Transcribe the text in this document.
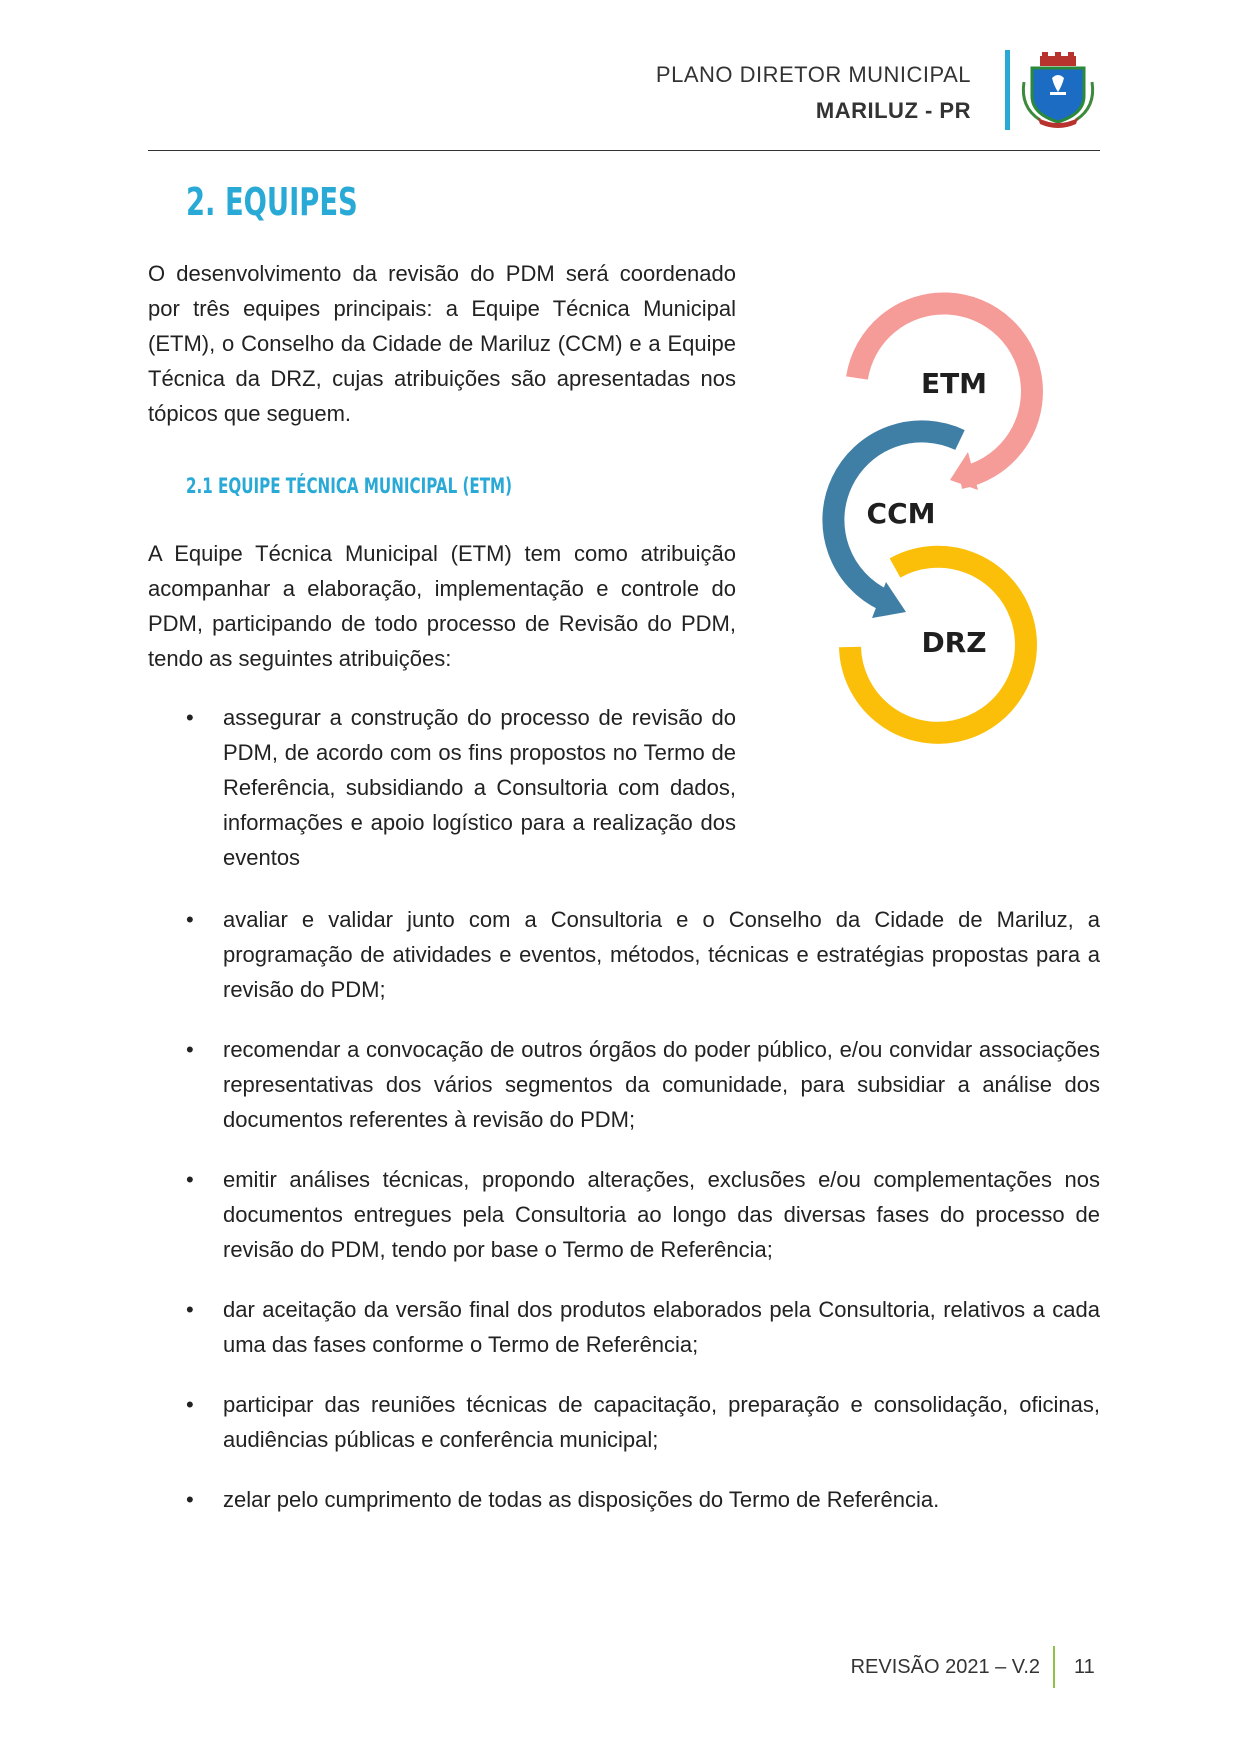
PLANO DIRETOR MUNICIPAL
MARILUZ - PR
2. EQUIPES
O desenvolvimento da revisão do PDM será coordenado por três equipes principais: a Equipe Técnica Municipal (ETM), o Conselho da Cidade de Mariluz (CCM) e a Equipe Técnica da DRZ, cujas atribuições são apresentadas nos tópicos que seguem.
2.1 EQUIPE TÉCNICA MUNICIPAL (ETM)
A Equipe Técnica Municipal (ETM) tem como atribuição acompanhar a elaboração, implementação e controle do PDM, participando de todo processo de Revisão do PDM, tendo as seguintes atribuições:
• assegurar a construção do processo de revisão do PDM, de acordo com os fins propostos no Termo de Referência, subsidiando a Consultoria com dados, informações e apoio logístico para a realização dos eventos
• avaliar e validar junto com a Consultoria e o Conselho da Cidade de Mariluz, a programação de atividades e eventos, métodos, técnicas e estratégias propostas para a revisão do PDM;
• recomendar a convocação de outros órgãos do poder público, e/ou convidar associações representativas dos vários segmentos da comunidade, para subsidiar a análise dos documentos referentes à revisão do PDM;
• emitir análises técnicas, propondo alterações, exclusões e/ou complementações nos documentos entregues pela Consultoria ao longo das diversas fases do processo de revisão do PDM, tendo por base o Termo de Referência;
• dar aceitação da versão final dos produtos elaborados pela Consultoria, relativos a cada uma das fases conforme o Termo de Referência;
• participar das reuniões técnicas de capacitação, preparação e consolidação, oficinas, audiências públicas e conferência municipal;
• zelar pelo cumprimento de todas as disposições do Termo de Referência.
ETM
CCM
DRZ
REVISÃO 2021 – V.2 11
